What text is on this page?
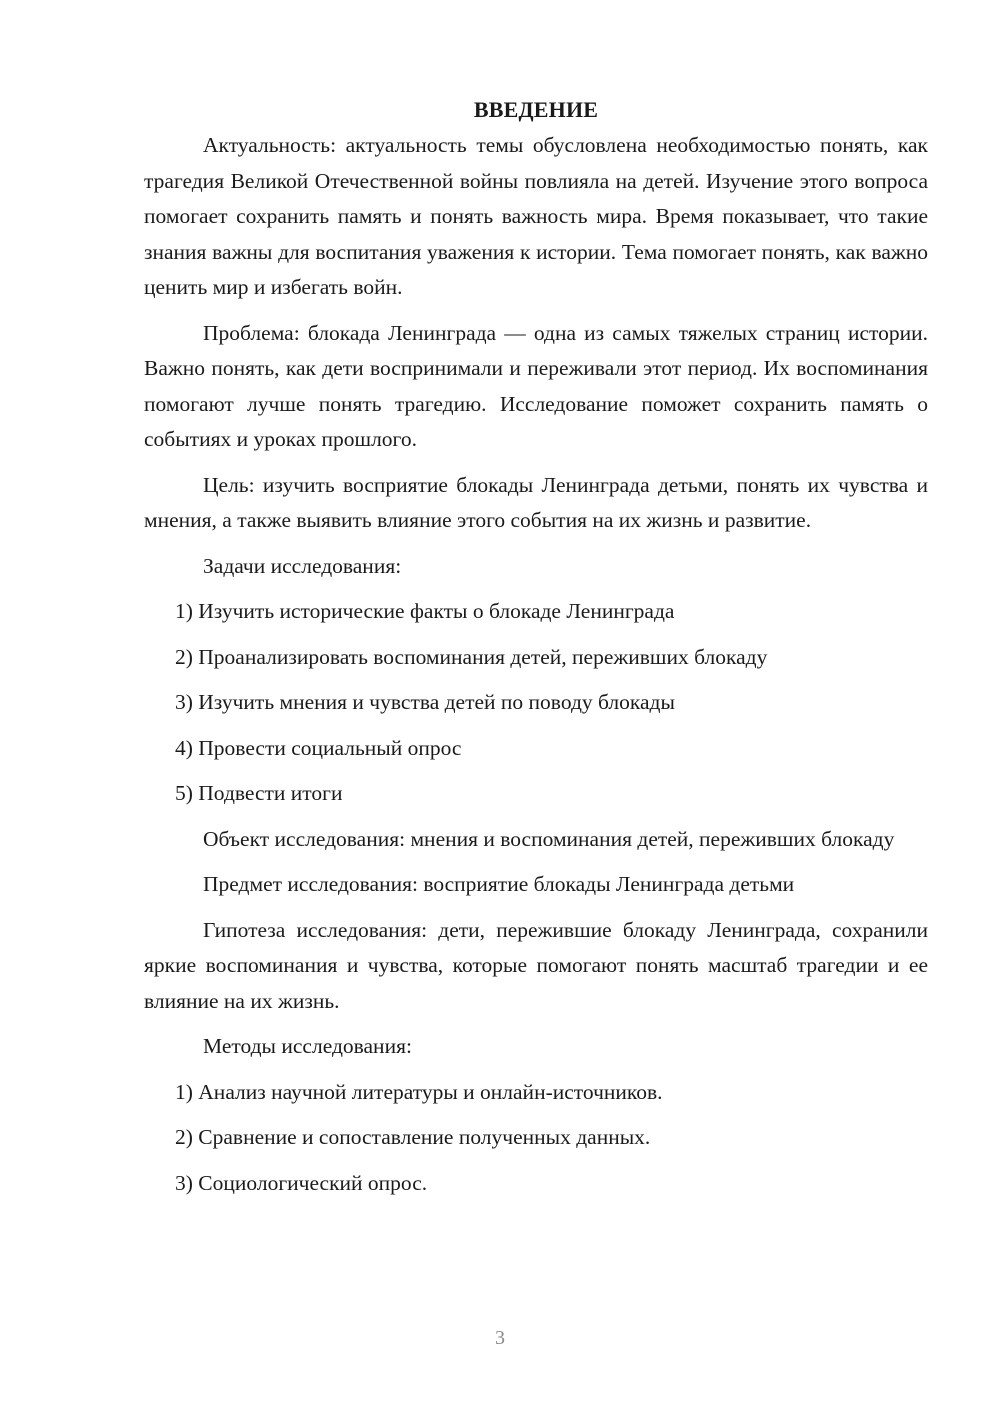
ВВЕДЕНИЕ

Актуальность: актуальность темы обусловлена необходимостью понять, как трагедия Великой Отечественной войны повлияла на детей. Изучение этого вопроса помогает сохранить память и понять важность мира. Время показывает, что такие знания важны для воспитания уважения к истории. Тема помогает понять, как важно ценить мир и избегать войн.

Проблема: блокада Ленинграда — одна из самых тяжелых страниц истории. Важно понять, как дети воспринимали и переживали этот период. Их воспоминания помогают лучше понять трагедию. Исследование поможет сохранить память о событиях и уроках прошлого.

Цель: изучить восприятие блокады Ленинграда детьми, понять их чувства и мнения, а также выявить влияние этого события на их жизнь и развитие.

Задачи исследования:

1) Изучить исторические факты о блокаде Ленинграда

2) Проанализировать воспоминания детей, переживших блокаду

3) Изучить мнения и чувства детей по поводу блокады

4) Провести социальный опрос

5) Подвести итоги

Объект исследования: мнения и воспоминания детей, переживших блокаду

Предмет исследования: восприятие блокады Ленинграда детьми

Гипотеза исследования: дети, пережившие блокаду Ленинграда, сохранили яркие воспоминания и чувства, которые помогают понять масштаб трагедии и ее влияние на их жизнь.

Методы исследования:

1) Анализ научной литературы и онлайн-источников.

2) Сравнение и сопоставление полученных данных.

3) Социологический опрос.

3
